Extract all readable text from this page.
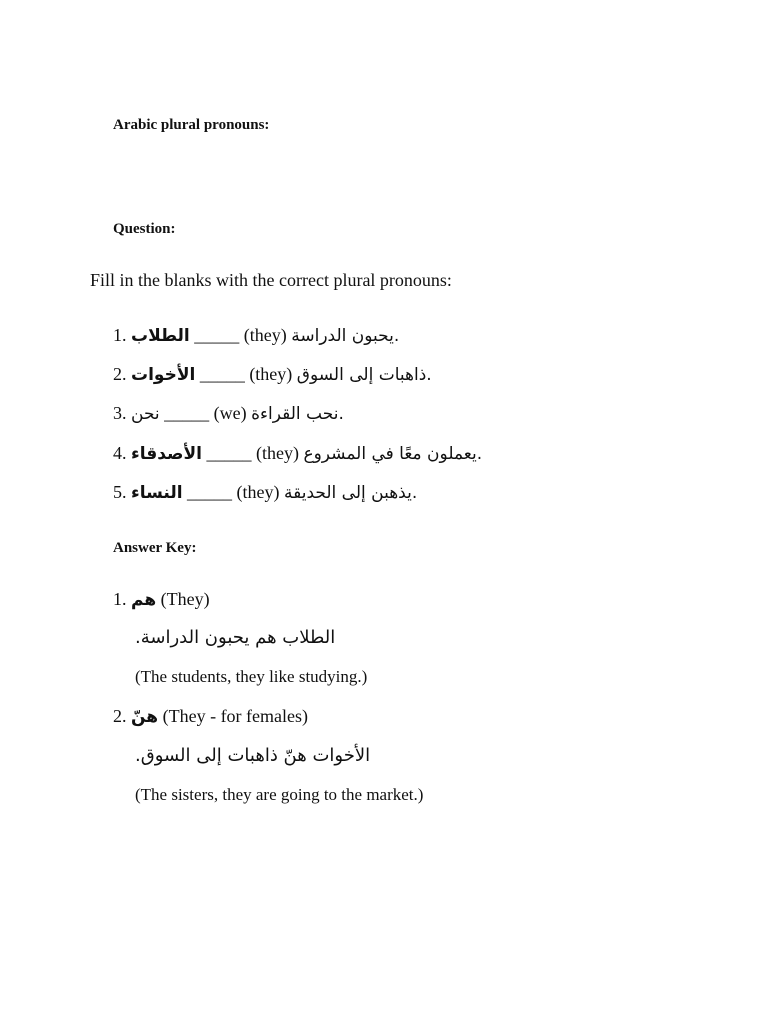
Arabic plural pronouns:
Question:
Fill in the blanks with the correct plural pronouns:
1. الطلاب _____ (they) يحبون الدراسة.
2. الأخوات _____ (they) ذاهبات إلى السوق.
3. نحن _____ (we) نحب القراءة.
4. الأصدقاء _____ (they) يعملون معًا في المشروع.
5. النساء _____ (they) يذهبن إلى الحديقة.
Answer Key:
1. هم (They)
الطلاب هم يحبون الدراسة.
(The students, they like studying.)
2. هنّ (They - for females)
الأخوات هنّ ذاهبات إلى السوق.
(The sisters, they are going to the market.)
